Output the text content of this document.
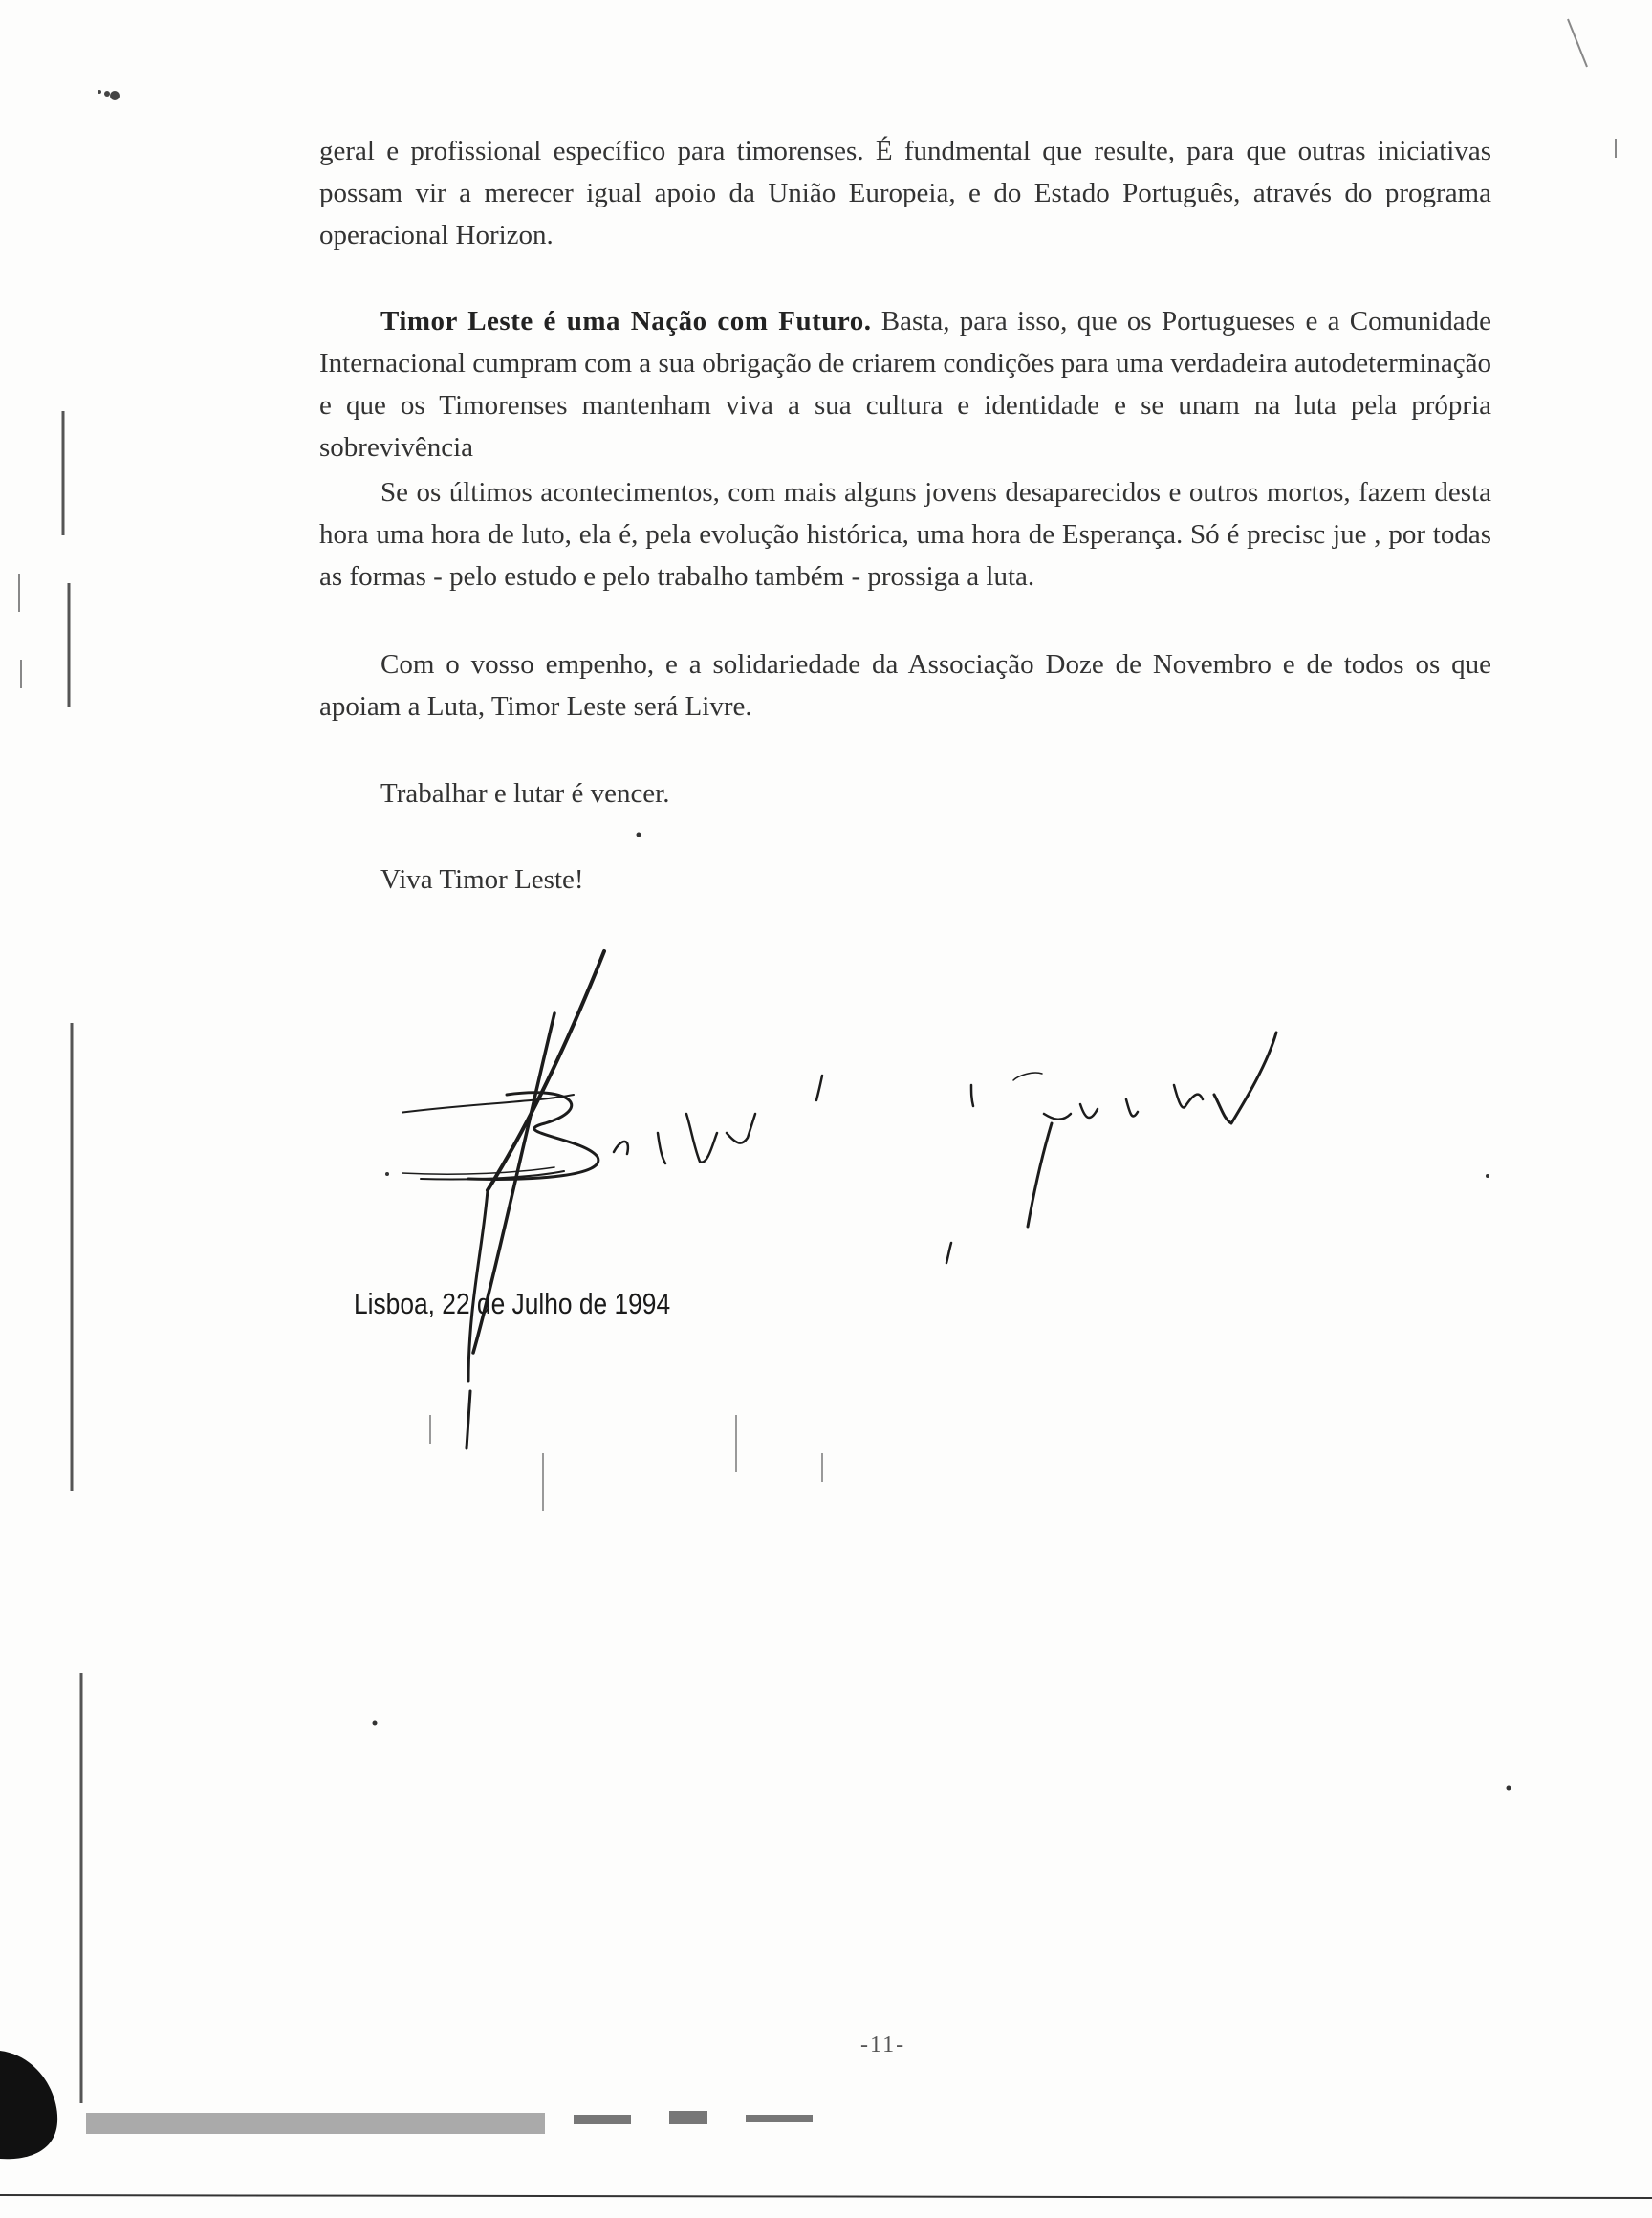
geral e profissional específico para timorenses. É fundmental que resulte, para que outras iniciativas possam vir a merecer igual apoio da União Europeia, e do Estado Português, através do programa operacional Horizon.
Timor Leste é uma Nação com Futuro. Basta, para isso, que os Portugueses e a Comunidade Internacional cumpram com a sua obrigação de criarem condições para uma verdadeira autodeterminação e que os Timorenses mantenham viva a sua cultura e identidade e se unam na luta pela própria sobrevivência
Se os últimos acontecimentos, com mais alguns jovens desaparecidos e outros mortos, fazem desta hora uma hora de luto, ela é, pela evolução histórica, uma hora de Esperança. Só é precisc jue , por todas as formas - pelo estudo e pelo trabalho também - prossiga a luta.
Com o vosso empenho, e a solidariedade da Associação Doze de Novembro e de todos os que apoiam a Luta, Timor Leste será Livre.
Trabalhar e lutar é vencer.
Viva Timor Leste!
Lisboa, 22 de Julho de 1994
-11-
